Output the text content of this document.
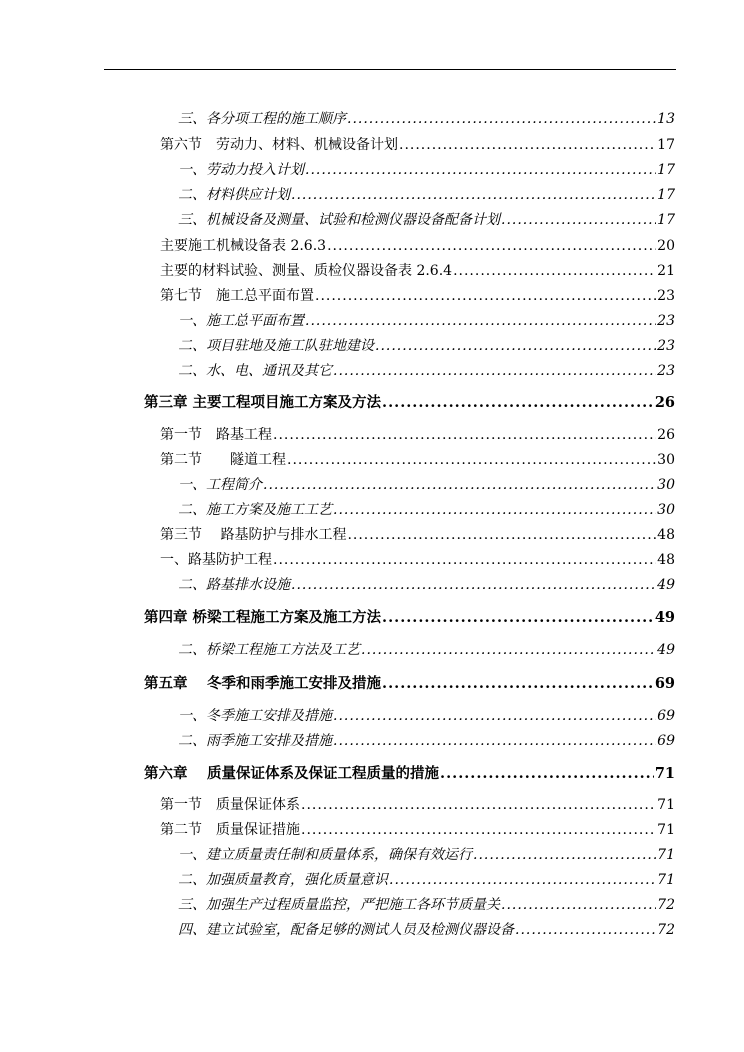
三、各分项工程的施工顺序 .....	13
第六节　劳动力、材料、机械设备计划 .....	17
一、劳动力投入计划 .....	17
二、材料供应计划 .....	17
三、机械设备及测量、试验和检测仪器设备配备计划 .....	17
主要施工机械设备表 2.6.3 .....	20
主要的材料试验、测量、质检仪器设备表 2.6.4 .....	21
第七节　施工总平面布置 .....	23
一、施工总平面布置 .....	23
二、项目驻地及施工队驻地建设 .....	23
二、水、电、通讯及其它 .....	23
第三章 主要工程项目施工方案及方法 .....	26
第一节　路基工程 .....	26
第二节　　隧道工程 .....	30
一、工程简介 .....	30
二、施工方案及施工工艺 .....	30
第三节　 路基防护与排水工程 .....	48
一、路基防护工程 .....	48
二、路基排水设施 .....	49
第四章 桥梁工程施工方案及施工方法 .....	49
二、桥梁工程施工方法及工艺 .....	49
第五章　 冬季和雨季施工安排及措施 .....	69
一、冬季施工安排及措施 .....	69
二、雨季施工安排及措施 .....	69
第六章　 质量保证体系及保证工程质量的措施 .....	71
第一节　质量保证体系 .....	71
第二节　质量保证措施 .....	71
一、建立质量责任制和质量体系，确保有效运行 .....	71
二、加强质量教育，强化质量意识 .....	71
三、加强生产过程质量监控，严把施工各环节质量关 .....	72
四、建立试验室，配备足够的测试人员及检测仪器设备 .....	72
